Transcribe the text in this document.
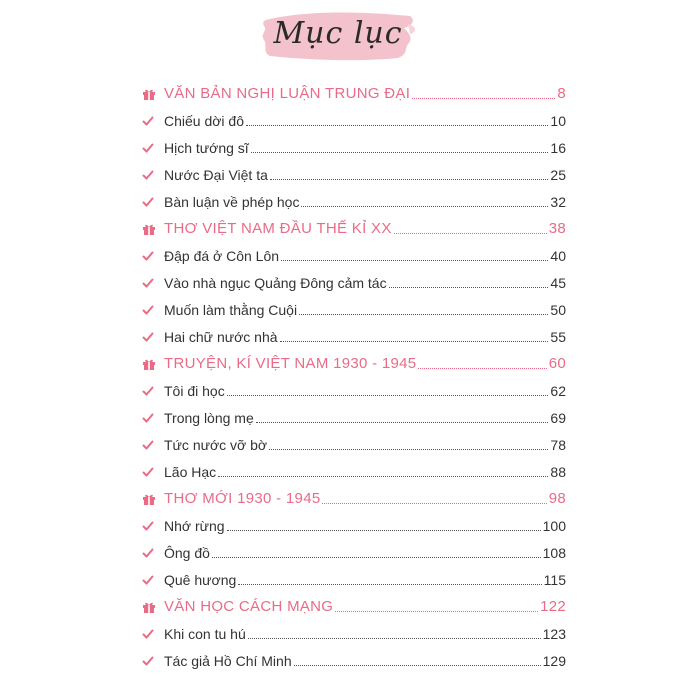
Mục lục
VĂN BẢN NGHỊ LUẬN TRUNG ĐẠI	8
Chiếu dời đô	10
Hịch tướng sĩ	16
Nước Đại Việt ta	25
Bàn luận về phép học	32
THƠ VIỆT NAM ĐẦU THẾ KỈ XX	38
Đập đá ở Côn Lôn	40
Vào nhà ngục Quảng Đông cảm tác	45
Muốn làm thằng Cuội	50
Hai chữ nước nhà	55
TRUYỆN, KÍ VIỆT NAM 1930 - 1945	60
Tôi đi học	62
Trong lòng mẹ	69
Tức nước vỡ bờ	78
Lão Hạc	88
THƠ MỚI 1930 - 1945	98
Nhớ rừng	100
Ông đồ	108
Quê hương	115
VĂN HỌC CÁCH MẠNG	122
Khi con tu hú	123
Tác giả Hồ Chí Minh	129
